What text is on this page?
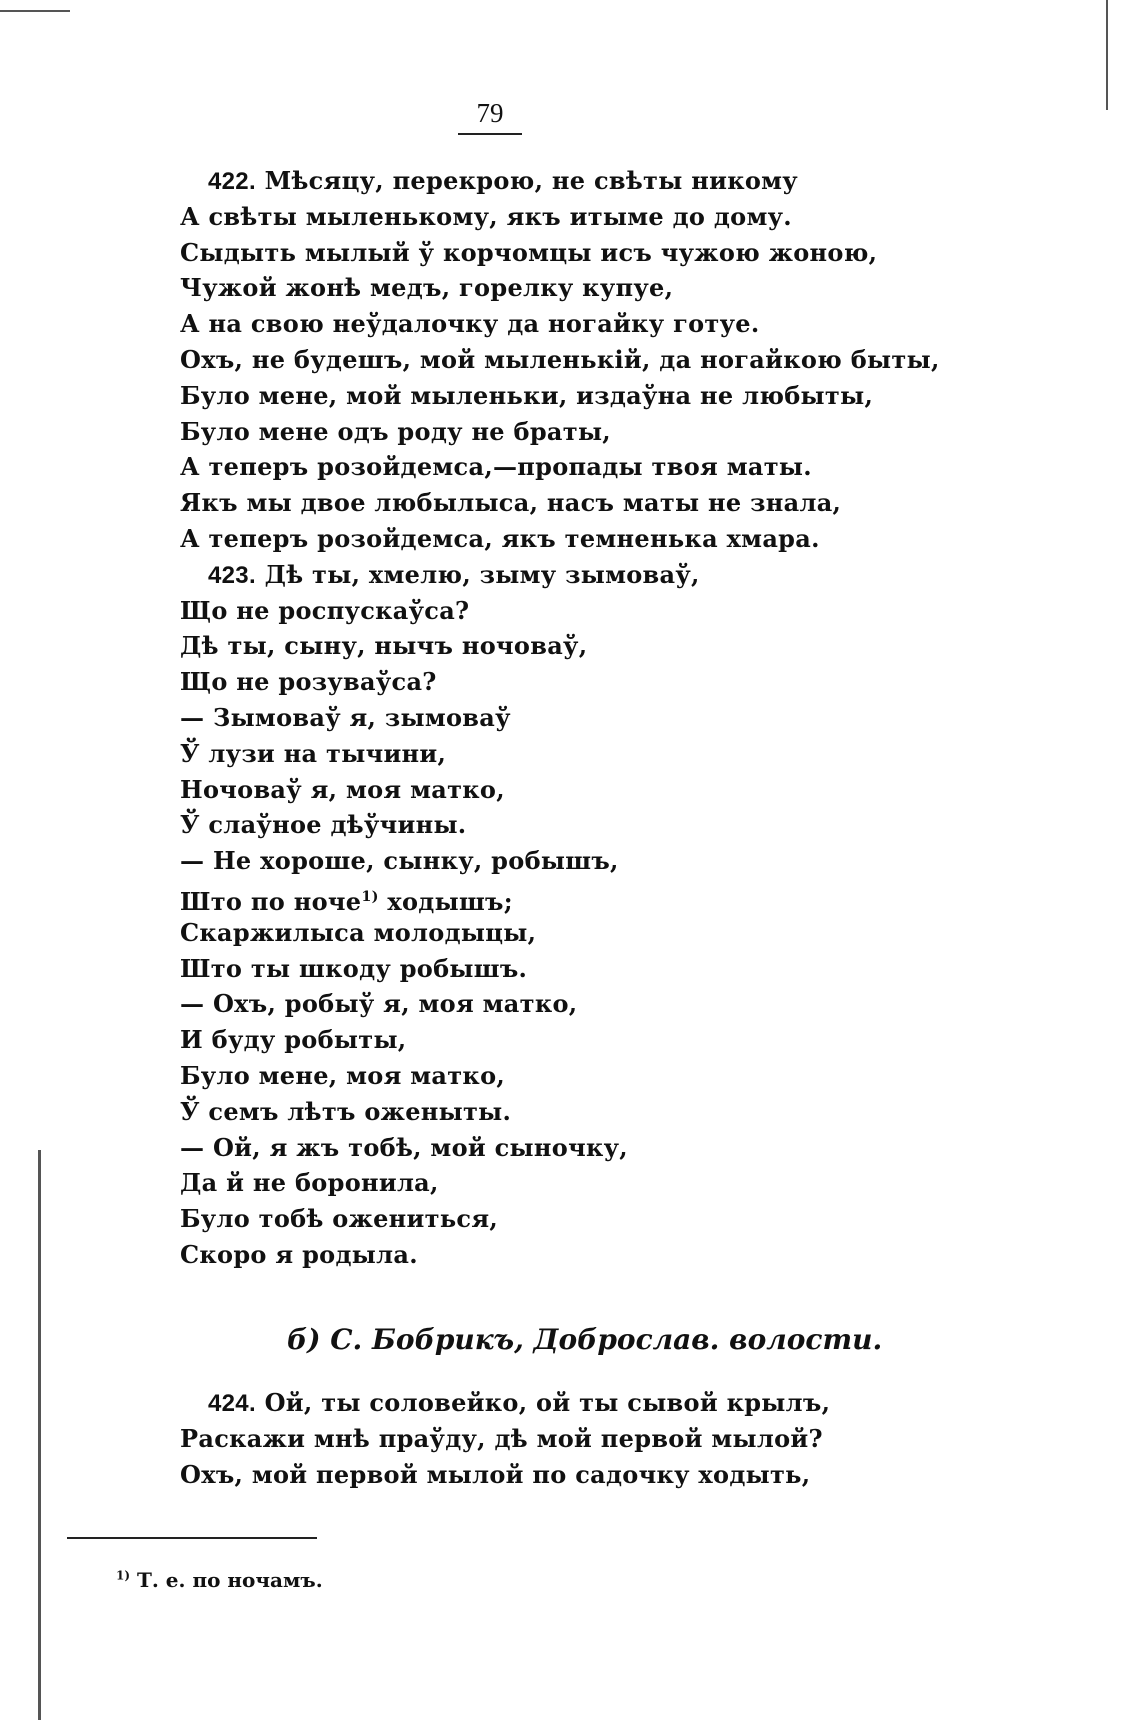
79
422. Мѣсяцу, перекрою, не свѣты никому
А свѣты мыленькому, якъ итыме до дому.
Сыдыть мылый ў корчомцы исъ чужою жоною,
Чужой жонѣ медъ, горелку купуе,
А на свою неўдалочку да ногайку готуе.
Охъ, не будешъ, мой мыленькій, да ногайкою быты,
Було мене, мой мыленьки, издаўна не любыты,
Було мене одъ роду не браты,
А теперъ розойдемса,—пропады твоя маты.
Якъ мы двое любылыса, насъ маты не знала,
А теперъ розойдемса, якъ темненька хмара.
423. Дѣ ты, хмелю, зыму зымоваў,
Що не роспускаўса?
Дѣ ты, сыну, нычъ ночоваў,
Що не розуваўса?
— Зымоваў я, зымоваў
Ў лузи на тычини,
Ночоваў я, моя матко,
Ў слаўное дѣўчины.
— Не хороше, сынку, робышъ,
Што по ноче$^{1)}$ ходышъ;
Скаржилыса молодыцы,
Што ты шкоду робышъ.
— Охъ, робыў я, моя матко,
И буду робыты,
Було мене, моя матко,
Ў семъ лѣтъ оженыты.
— Ой, я жъ тобѣ, мой сыночку,
Да й не боронила,
Було тобѣ ожениться,
Скоро я родыла.
б) С. Бобрикъ, Доброслав. волости.
424. Ой, ты соловейко, ой ты сывой крылъ,
Раскажи мнѣ праўду, дѣ мой первой мылой?
Охъ, мой первой мылой по садочку ходыть,
$^{1)}$ Т. е. по ночамъ.
